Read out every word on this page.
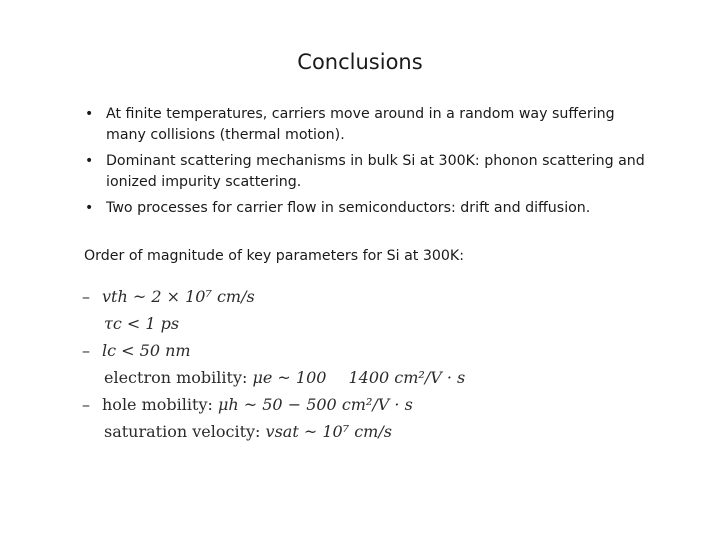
Conclusions
• At finite temperatures, carriers move around in a random way suffering many collisions (thermal motion).
• Dominant scattering mechanisms in bulk Si at 300K: phonon scattering and ionized impurity scattering.
• Two processes for carrier flow in semiconductors: drift and diffusion.
Order of magnitude of key parameters for Si at 300K:
– vth ~ 2 × 10⁷ cm/s
τc < 1 ps
– lc < 50 nm
electron mobility: μe ~ 100 1400 cm²/V · s
– hole mobility: μh ~ 50 − 500 cm²/V · s
saturation velocity: vsat ~ 10⁷ cm/s
